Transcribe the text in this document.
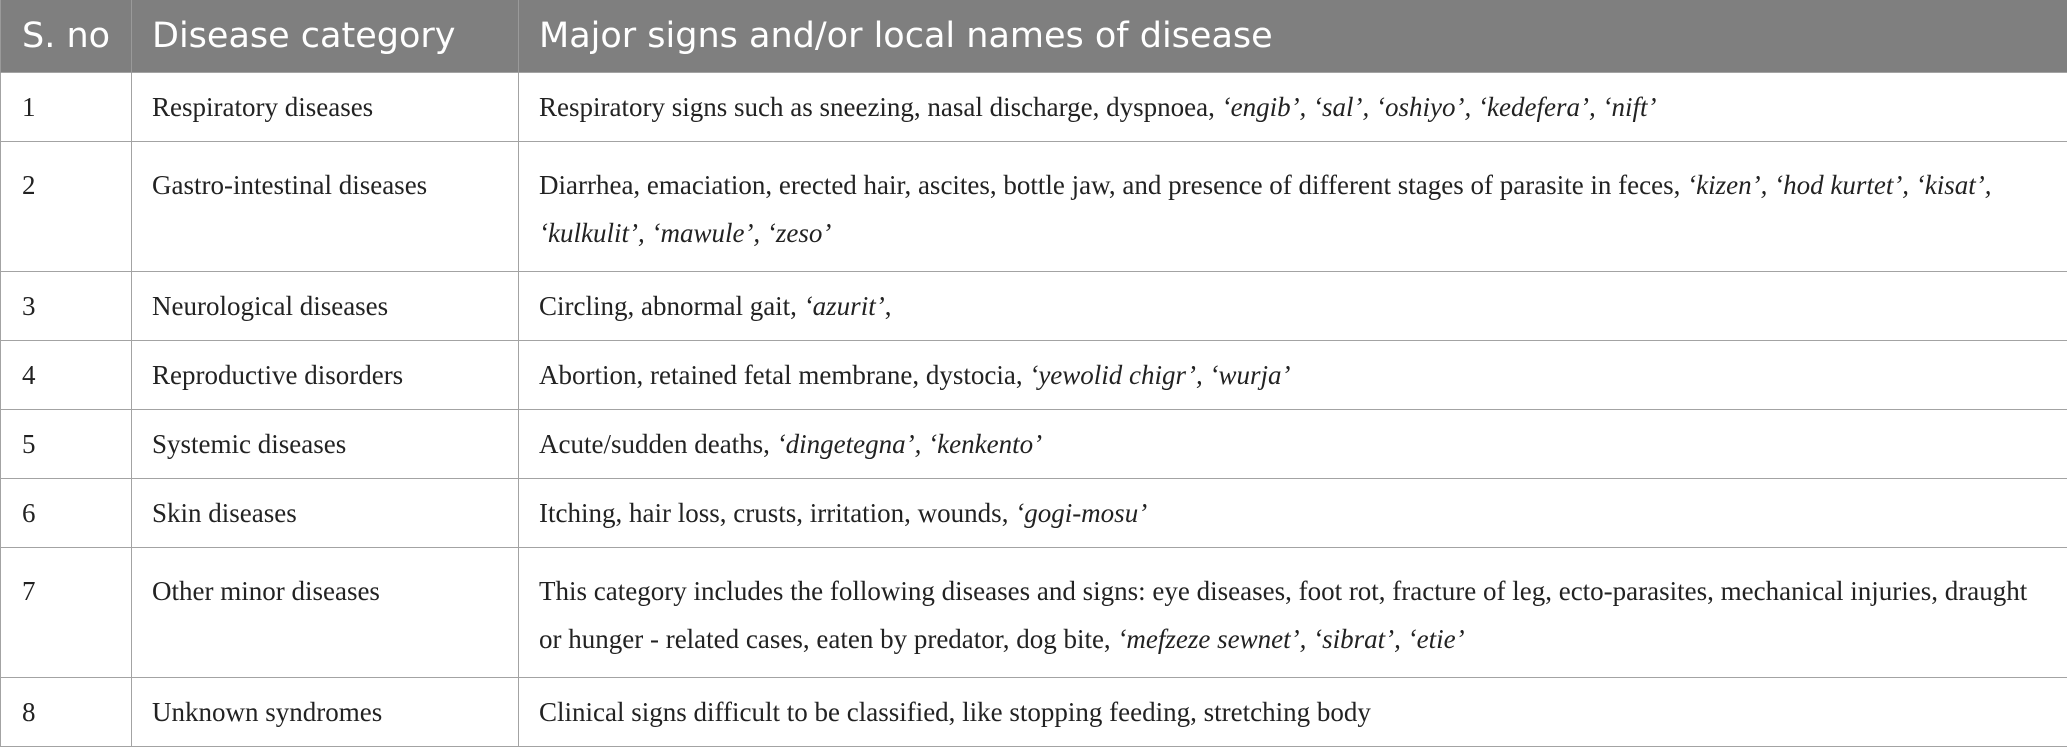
S. no	Disease category	Major signs and/or local names of disease
1	Respiratory diseases	Respiratory signs such as sneezing, nasal discharge, dyspnoea, ‘engib’, ‘sal’, ‘oshiyo’, ‘kedefera’, ‘nift’
2	Gastro-intestinal diseases	Diarrhea, emaciation, erected hair, ascites, bottle jaw, and presence of different stages of parasite in feces, ‘kizen’, ‘hod kurtet’, ‘kisat’, ‘kulkulit’, ‘mawule’, ‘zeso’
3	Neurological diseases	Circling, abnormal gait, ‘azurit’,
4	Reproductive disorders	Abortion, retained fetal membrane, dystocia, ‘yewolid chigr’, ‘wurja’
5	Systemic diseases	Acute/sudden deaths, ‘dingetegna’, ‘kenkento’
6	Skin diseases	Itching, hair loss, crusts, irritation, wounds, ‘gogi-mosu’
7	Other minor diseases	This category includes the following diseases and signs: eye diseases, foot rot, fracture of leg, ecto-parasites, mechanical injuries, draught or hunger - related cases, eaten by predator, dog bite, ‘mefzeze sewnet’, ‘sibrat’, ‘etie’
8	Unknown syndromes	Clinical signs difficult to be classified, like stopping feeding, stretching body
